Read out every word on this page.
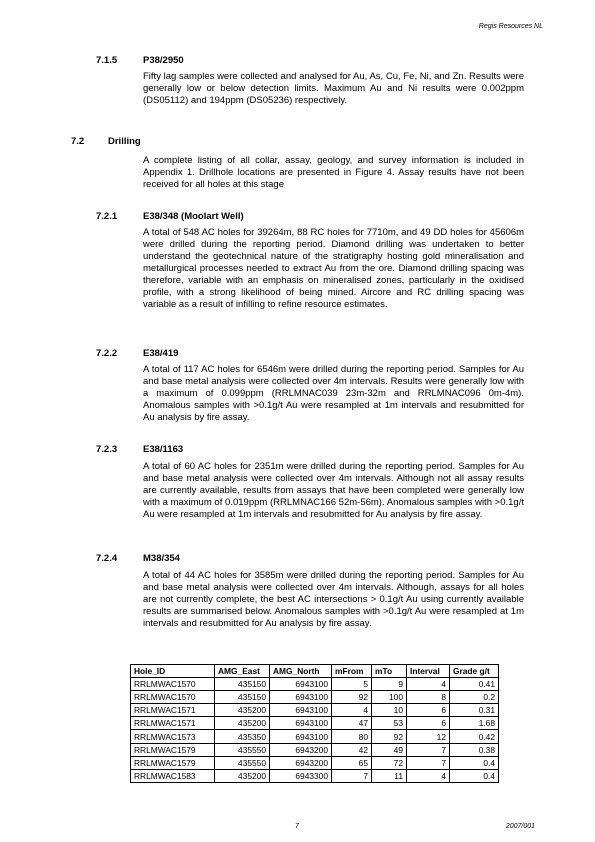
Regis Resources NL
7.1.5	P38/2950

Fifty lag samples were collected and analysed for Au, As, Cu, Fe, Ni, and Zn. Results were generally low or below detection limits. Maximum Au and Ni results were 0.002ppm (DS05112) and 194ppm (DS05236) respectively.

7.2	Drilling

A complete listing of all collar, assay, geology, and survey information is included in Appendix 1. Drillhole locations are presented in Figure 4. Assay results have not been received for all holes at this stage

7.2.1	E38/348 (Moolart Well)

A total of 548 AC holes for 39264m, 88 RC holes for 7710m, and 49 DD holes for 45606m were drilled during the reporting period. Diamond drilling was undertaken to better understand the geotechnical nature of the stratigraphy hosting gold mineralisation and metallurgical processes needed to extract Au from the ore. Diamond drilling spacing was therefore, variable with an emphasis on mineralised zones, particularly in the oxidised profile, with a strong likelihood of being mined. Aircore and RC drilling spacing was variable as a result of infilling to refine resource estimates.

7.2.2	E38/419

A total of 117 AC holes for 6546m were drilled during the reporting period. Samples for Au and base metal analysis were collected over 4m intervals. Results were generally low with a maximum of 0.099ppm (RRLMNAC039 23m-32m and RRLMNAC096 0m-4m). Anomalous samples with >0.1g/t Au were resampled at 1m intervals and resubmitted for Au analysis by fire assay.

7.2.3	E38/1163

A total of 60 AC holes for 2351m were drilled during the reporting period. Samples for Au and base metal analysis were collected over 4m intervals. Although not all assay results are currently available, results from assays that have been completed were generally low with a maximum of 0.019ppm (RRLMNAC166 52m-56m). Anomalous samples with >0.1g/t Au were resampled at 1m intervals and resubmitted for Au analysis by fire assay.

7.2.4	M38/354

A total of 44 AC holes for 3585m were drilled during the reporting period. Samples for Au and base metal analysis were collected over 4m intervals. Although, assays for all holes are not currently complete, the best AC intersections > 0.1g/t Au using currently available results are summarised below. Anomalous samples with >0.1g/t Au were resampled at 1m intervals and resubmitted for Au analysis by fire assay.

Hole_ID	AMG_East	AMG_North	mFrom	mTo	Interval	Grade g/t
RRLMWAC1570	435150	6943100	5	9	4	0.41
RRLMWAC1570	435150	6943100	92	100	8	0.2
RRLMWAC1571	435200	6943100	4	10	6	0.31
RRLMWAC1571	435200	6943100	47	53	6	1.68
RRLMWAC1573	435350	6943100	80	92	12	0.42
RRLMWAC1579	435550	6943200	42	49	7	0.38
RRLMWAC1579	435550	6943200	65	72	7	0.4
RRLMWAC1583	435200	6943300	7	11	4	0.4
7	2007/001
